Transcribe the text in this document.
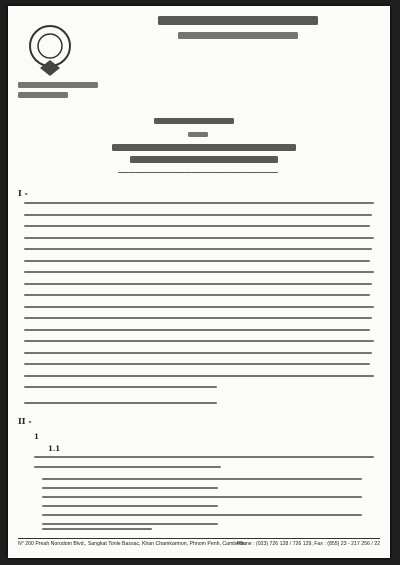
I -
II -
1
1.1
N° 200 Preah Norodom Blvd., Sangkat Tonle Bassac, Khan Chamkarmon, Phnom Penh, Cambodia
Phone : (023) 726 128 / 726 129, Fax : (855) 23 - 217 256 / 22
